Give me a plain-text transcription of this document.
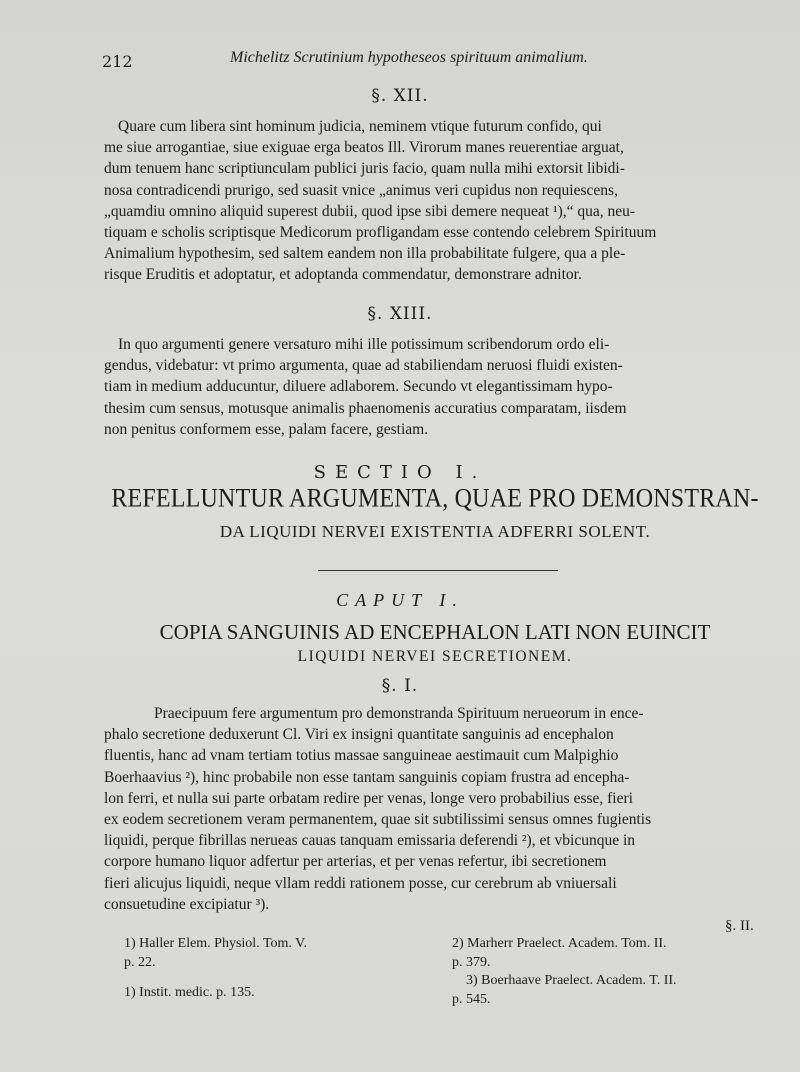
212	Michelitz Scrutinium hypotheseos spirituum animalium.
§. XII.
Quare cum libera sint hominum judicia, neminem vtique futurum confido, qui
me siue arrogantiae, siue exiguae erga beatos Ill. Virorum manes reuerentiae arguat,
dum tenuem hanc scriptiunculam publici juris facio, quam nulla mihi extorsit libidi-
nosa contradicendi prurigo, sed suasit vnice „animus veri cupidus non requiescens,
„quamdiu omnino aliquid superest dubii, quod ipse sibi demere nequeat ¹),“ qua, neu-
tiquam e scholis scriptisque Medicorum profligandam esse contendo celebrem Spirituum
Animalium hypothesim, sed saltem eandem non illa probabilitate fulgere, qua a ple-
risque Eruditis et adoptatur, et adoptanda commendatur, demonstrare adnitor.
§. XIII.
In quo argumenti genere versaturo mihi ille potissimum scribendorum ordo eli-
gendus, videbatur: vt primo argumenta, quae ad stabiliendam neruosi fluidi existen-
tiam in medium adducuntur, diluere adlaborem. Secundo vt elegantissimam hypo-
thesim cum sensus, motusque animalis phaenomenis accuratius comparatam, iisdem
non penitus conformem esse, palam facere, gestiam.
SECTIO I.
REFELLUNTUR ARGUMENTA, QUAE PRO DEMONSTRAN-
DA LIQUIDI NERVEI EXISTENTIA ADFERRI SOLENT.
CAPUT I.
COPIA SANGUINIS AD ENCEPHALON LATI NON EUINCIT
LIQUIDI NERVEI SECRETIONEM.
§. I.
Praecipuum fere argumentum pro demonstranda Spirituum nerueorum in ence-
phalo secretione deduxerunt Cl. Viri ex insigni quantitate sanguinis ad encephalon
fluentis, hanc ad vnam tertiam totius massae sanguineae aestimauit cum Malpighio
Boerhaavius ²), hinc probabile non esse tantam sanguinis copiam frustra ad encepha-
lon ferri, et nulla sui parte orbatam redire per venas, longe vero probabilius esse, fieri
ex eodem secretionem veram permanentem, quae sit subtilissimi sensus omnes fugientis
liquidi, perque fibrillas nerueas cauas tanquam emissaria deferendi ²), et vbicunque in
corpore humano liquor adfertur per arterias, et per venas refertur, ibi secretionem
fieri alicujus liquidi, neque vllam reddi rationem posse, cur cerebrum ab vniuersali
consuetudine excipiatur ³).
§. II.
1) Haller Elem. Physiol. Tom. V.
p. 22.
1) Instit. medic. p. 135.
2) Marherr Praelect. Academ. Tom. II.
p. 379.
3) Boerhaave Praelect. Academ. T. II.
p. 545.
